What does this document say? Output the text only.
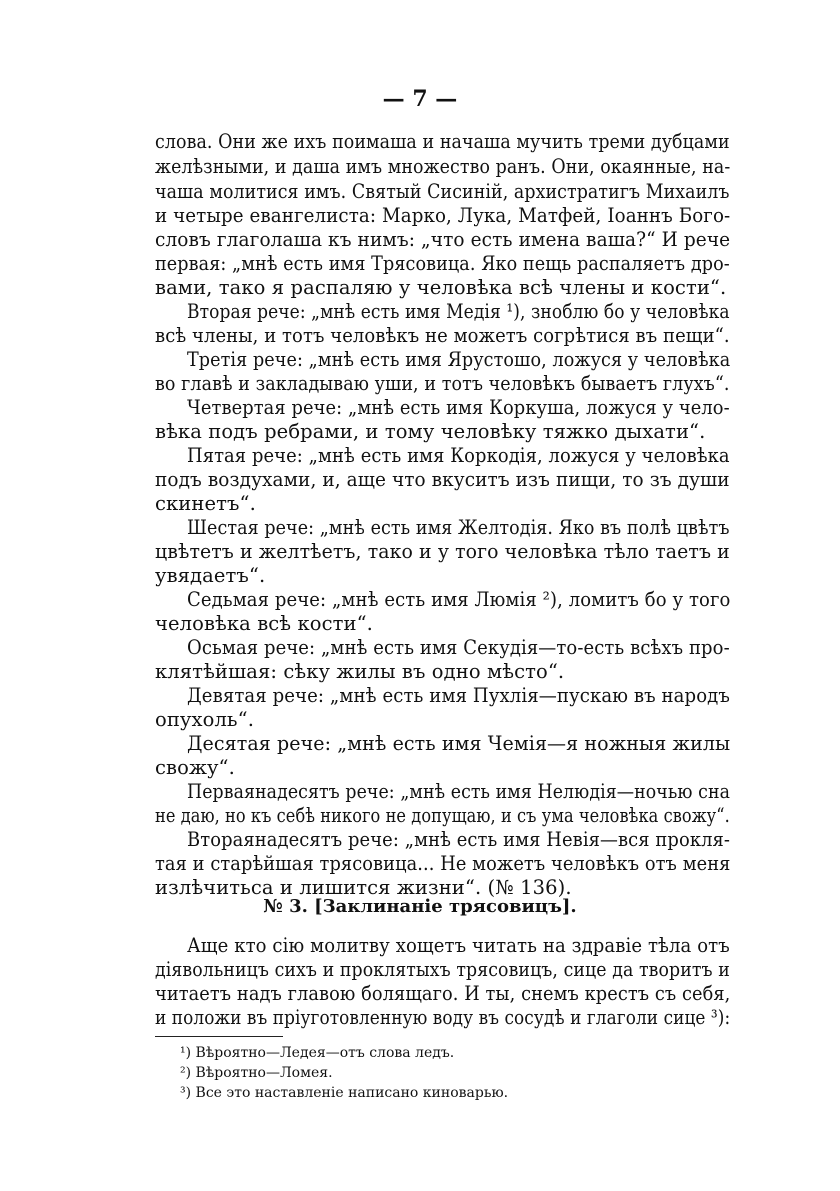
— 7 —
слова. Они же ихъ поимаша и начаша мучить треми дубцами
желѣзными, и даша имъ множество ранъ. Они, окаянные, на-
чаша молитися имъ. Святый Сисиній, архистратигъ Михаилъ
и четыре евангелиста: Марко, Лука, Матфей, Іоаннъ Бого-
словъ глаголаша къ нимъ: „что есть имена ваша?“ И рече
первая: „мнѣ есть имя Трясовица. Яко пещь распаляетъ дро-
вами, тако я распаляю у человѣка всѣ члены и кости“.
Вторая рече: „мнѣ есть имя Медія ¹), зноблю бо у человѣка
всѣ члены, и тотъ человѣкъ не можетъ согрѣтися въ пещи“.
Третія рече: „мнѣ есть имя Ярустошо, ложуся у человѣка
во главѣ и закладываю уши, и тотъ человѣкъ бываетъ глухъ“.
Четвертая рече: „мнѣ есть имя Коркуша, ложуся у чело-
вѣка подъ ребрами, и тому человѣку тяжко дыхати“.
Пятая рече: „мнѣ есть имя Коркодія, ложуся у человѣка
подъ воздухами, и, аще что вкуситъ изъ пищи, то зъ души
скинетъ“.
Шестая рече: „мнѣ есть имя Желтодія. Яко въ полѣ цвѣтъ
цвѣтетъ и желтѣетъ, тако и у того человѣка тѣло таетъ и
увядаетъ“.
Седьмая рече: „мнѣ есть имя Люмія ²), ломитъ бо у того
человѣка всѣ кости“.
Осьмая рече: „мнѣ есть имя Секудія—то-есть всѣхъ про-
клятѣйшая: сѣку жилы въ одно мѣсто“.
Девятая рече: „мнѣ есть имя Пухлія—пускаю въ народъ
опухоль“.
Десятая рече: „мнѣ есть имя Чемія—я ножныя жилы
свожу“.
Перваянадесятъ рече: „мнѣ есть имя Нелюдія—ночью сна
не даю, но къ себѣ никого не допущаю, и съ ума человѣка свожу“.
Втораянадесятъ рече: „мнѣ есть имя Невія—вся прокля-
тая и старѣйшая трясовица... Не можетъ человѣкъ отъ меня
излѣчитьса и лишится жизни“. (№ 136).
№ 3. [Заклинаніе трясовицъ].
Аще кто сію молитву хощетъ читать на здравіе тѣла отъ
діявольницъ сихъ и проклятыхъ трясовицъ, сице да творитъ и
читаетъ надъ главою болящаго. И ты, снемъ крестъ съ себя,
и положи въ пріуготовленную воду въ сосудѣ и глаголи сице ³):
¹) Вѣроятно—Ледея—отъ слова ледъ.
²) Вѣроятно—Ломея.
³) Все это наставленіе написано киноварью.
